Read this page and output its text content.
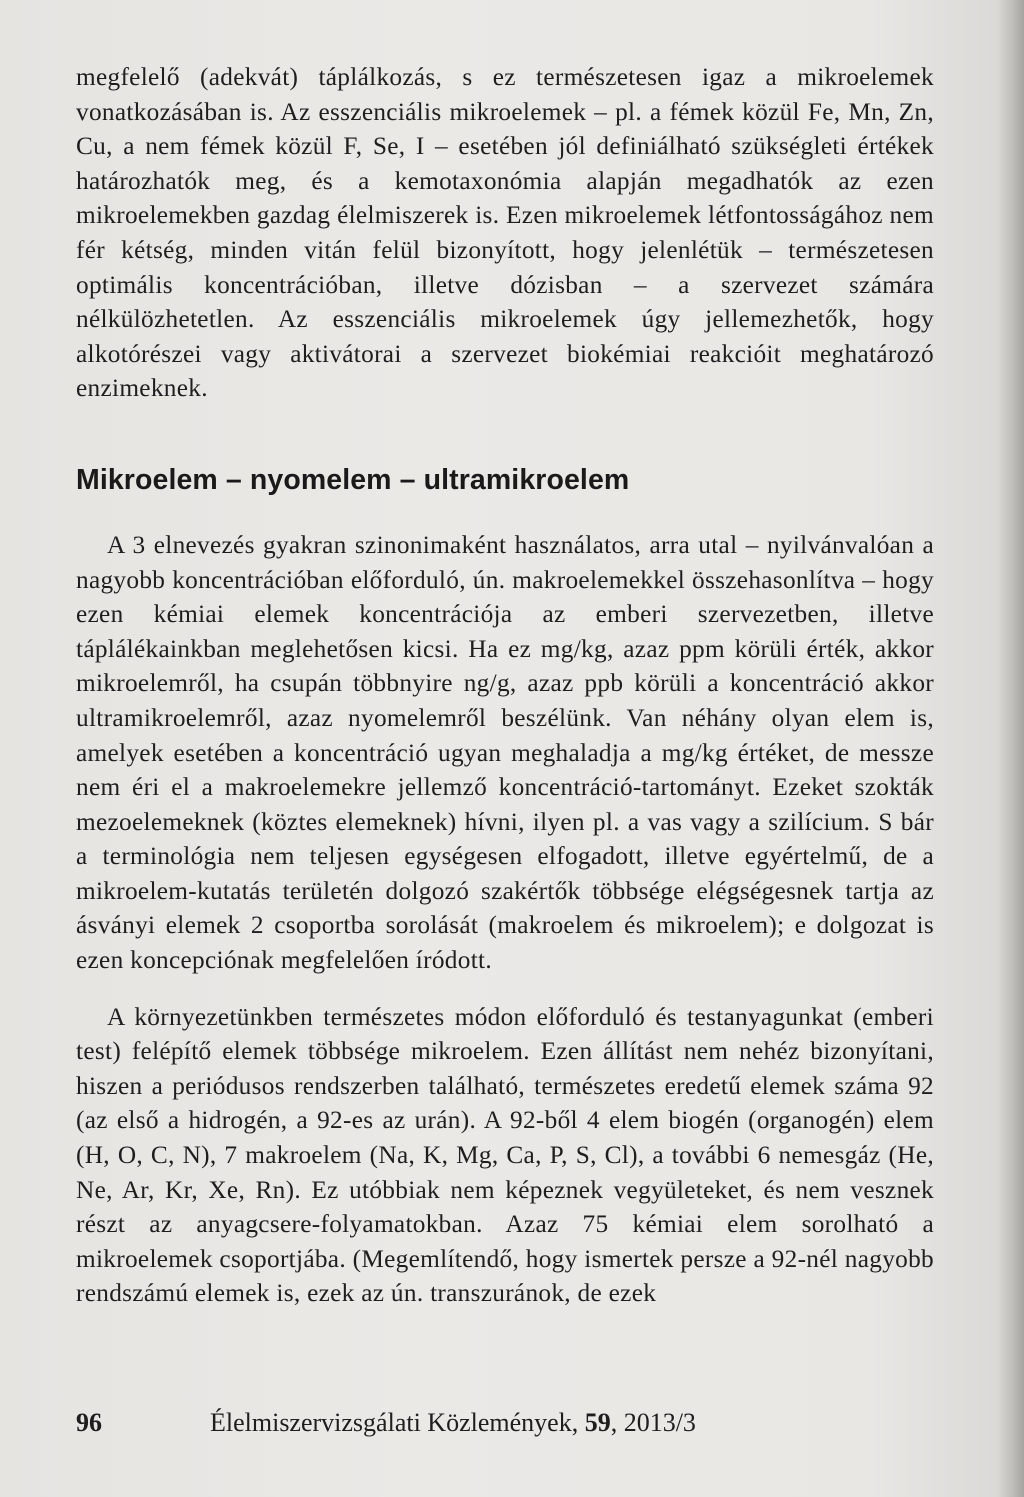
megfelelő (adekvát) táplálkozás, s ez természetesen igaz a mikroelemek vonatkozásában is. Az esszenciális mikroelemek – pl. a fémek közül Fe, Mn, Zn, Cu, a nem fémek közül F, Se, I – esetében jól definiálható szükségleti értékek határozhatók meg, és a kemotaxonómia alapján megadhatók az ezen mikroelemekben gazdag élelmiszerek is. Ezen mikroelemek létfontosságához nem fér kétség, minden vitán felül bizonyított, hogy jelenlétük – természetesen optimális koncentrációban, illetve dózisban – a szervezet számára nélkülözhetetlen. Az esszenciális mikroelemek úgy jellemezhetők, hogy alkotórészei vagy aktivátorai a szervezet biokémiai reakcióit meghatározó enzimeknek.

Mikroelem – nyomelem – ultramikroelem

A 3 elnevezés gyakran szinonimaként használatos, arra utal – nyilvánvalóan a nagyobb koncentrációban előforduló, ún. makroelemekkel összehasonlítva – hogy ezen kémiai elemek koncentrációja az emberi szervezetben, illetve táplálékainkban meglehetősen kicsi. Ha ez mg/kg, azaz ppm körüli érték, akkor mikroelemről, ha csupán többnyire ng/g, azaz ppb körüli a koncentráció akkor ultramikroelemről, azaz nyomelemről beszélünk. Van néhány olyan elem is, amelyek esetében a koncentráció ugyan meghaladja a mg/kg értéket, de messze nem éri el a makroelemekre jellemző koncentráció-tartományt. Ezeket szokták mezoelemeknek (köztes elemeknek) hívni, ilyen pl. a vas vagy a szilícium. S bár a terminológia nem teljesen egységesen elfogadott, illetve egyértelmű, de a mikroelem-kutatás területén dolgozó szakértők többsége elégségesnek tartja az ásványi elemek 2 csoportba sorolását (makroelem és mikroelem); e dolgozat is ezen koncepciónak megfelelően íródott.

A környezetünkben természetes módon előforduló és testanyagunkat (emberi test) felépítő elemek többsége mikroelem. Ezen állítást nem nehéz bizonyítani, hiszen a periódusos rendszerben található, természetes eredetű elemek száma 92 (az első a hidrogén, a 92-es az urán). A 92-ből 4 elem biogén (organogén) elem (H, O, C, N), 7 makroelem (Na, K, Mg, Ca, P, S, Cl), a további 6 nemesgáz (He, Ne, Ar, Kr, Xe, Rn). Ez utóbbiak nem képeznek vegyületeket, és nem vesznek részt az anyagcsere-folyamatokban. Azaz 75 kémiai elem sorolható a mikroelemek csoportjába. (Megemlítendő, hogy ismertek persze a 92-nél nagyobb rendszámú elemek is, ezek az ún. transzuránok, de ezek

96	Élelmiszervizsgálati Közlemények, 59, 2013/3
